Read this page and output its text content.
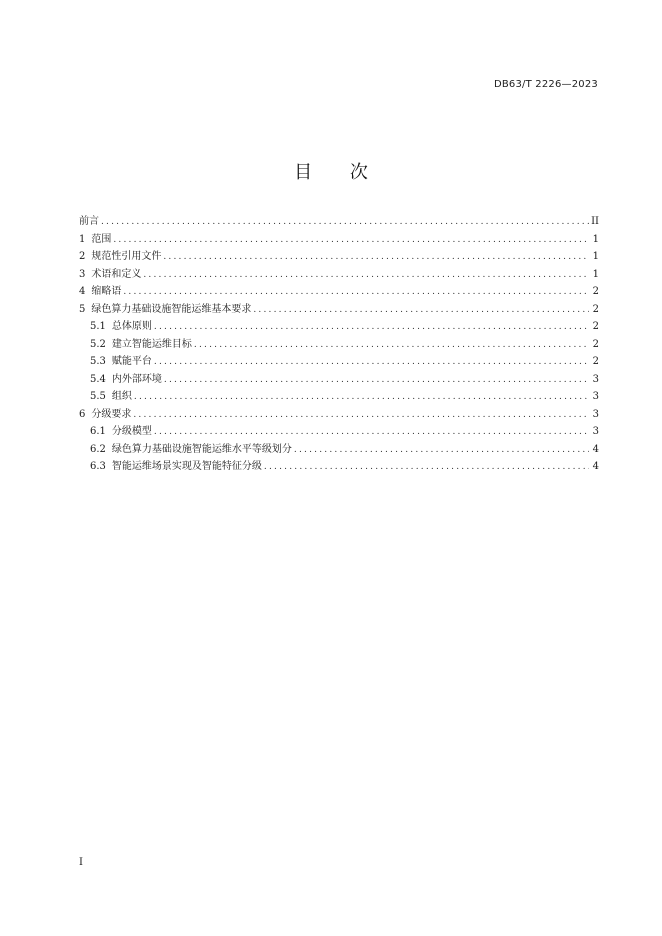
DB63/T 2226—2023
目 次
前言 .....	II
1 范围 .....	1
2 规范性引用文件 .....	1
3 术语和定义 .....	1
4 缩略语 .....	2
5 绿色算力基础设施智能运维基本要求 .....	2
5.1 总体原则 .....	2
5.2 建立智能运维目标 .....	2
5.3 赋能平台 .....	2
5.4 内外部环境 .....	3
5.5 组织 .....	3
6 分级要求 .....	3
6.1 分级模型 .....	3
6.2 绿色算力基础设施智能运维水平等级划分 .....	4
6.3 智能运维场景实现及智能特征分级 .....	4
I
